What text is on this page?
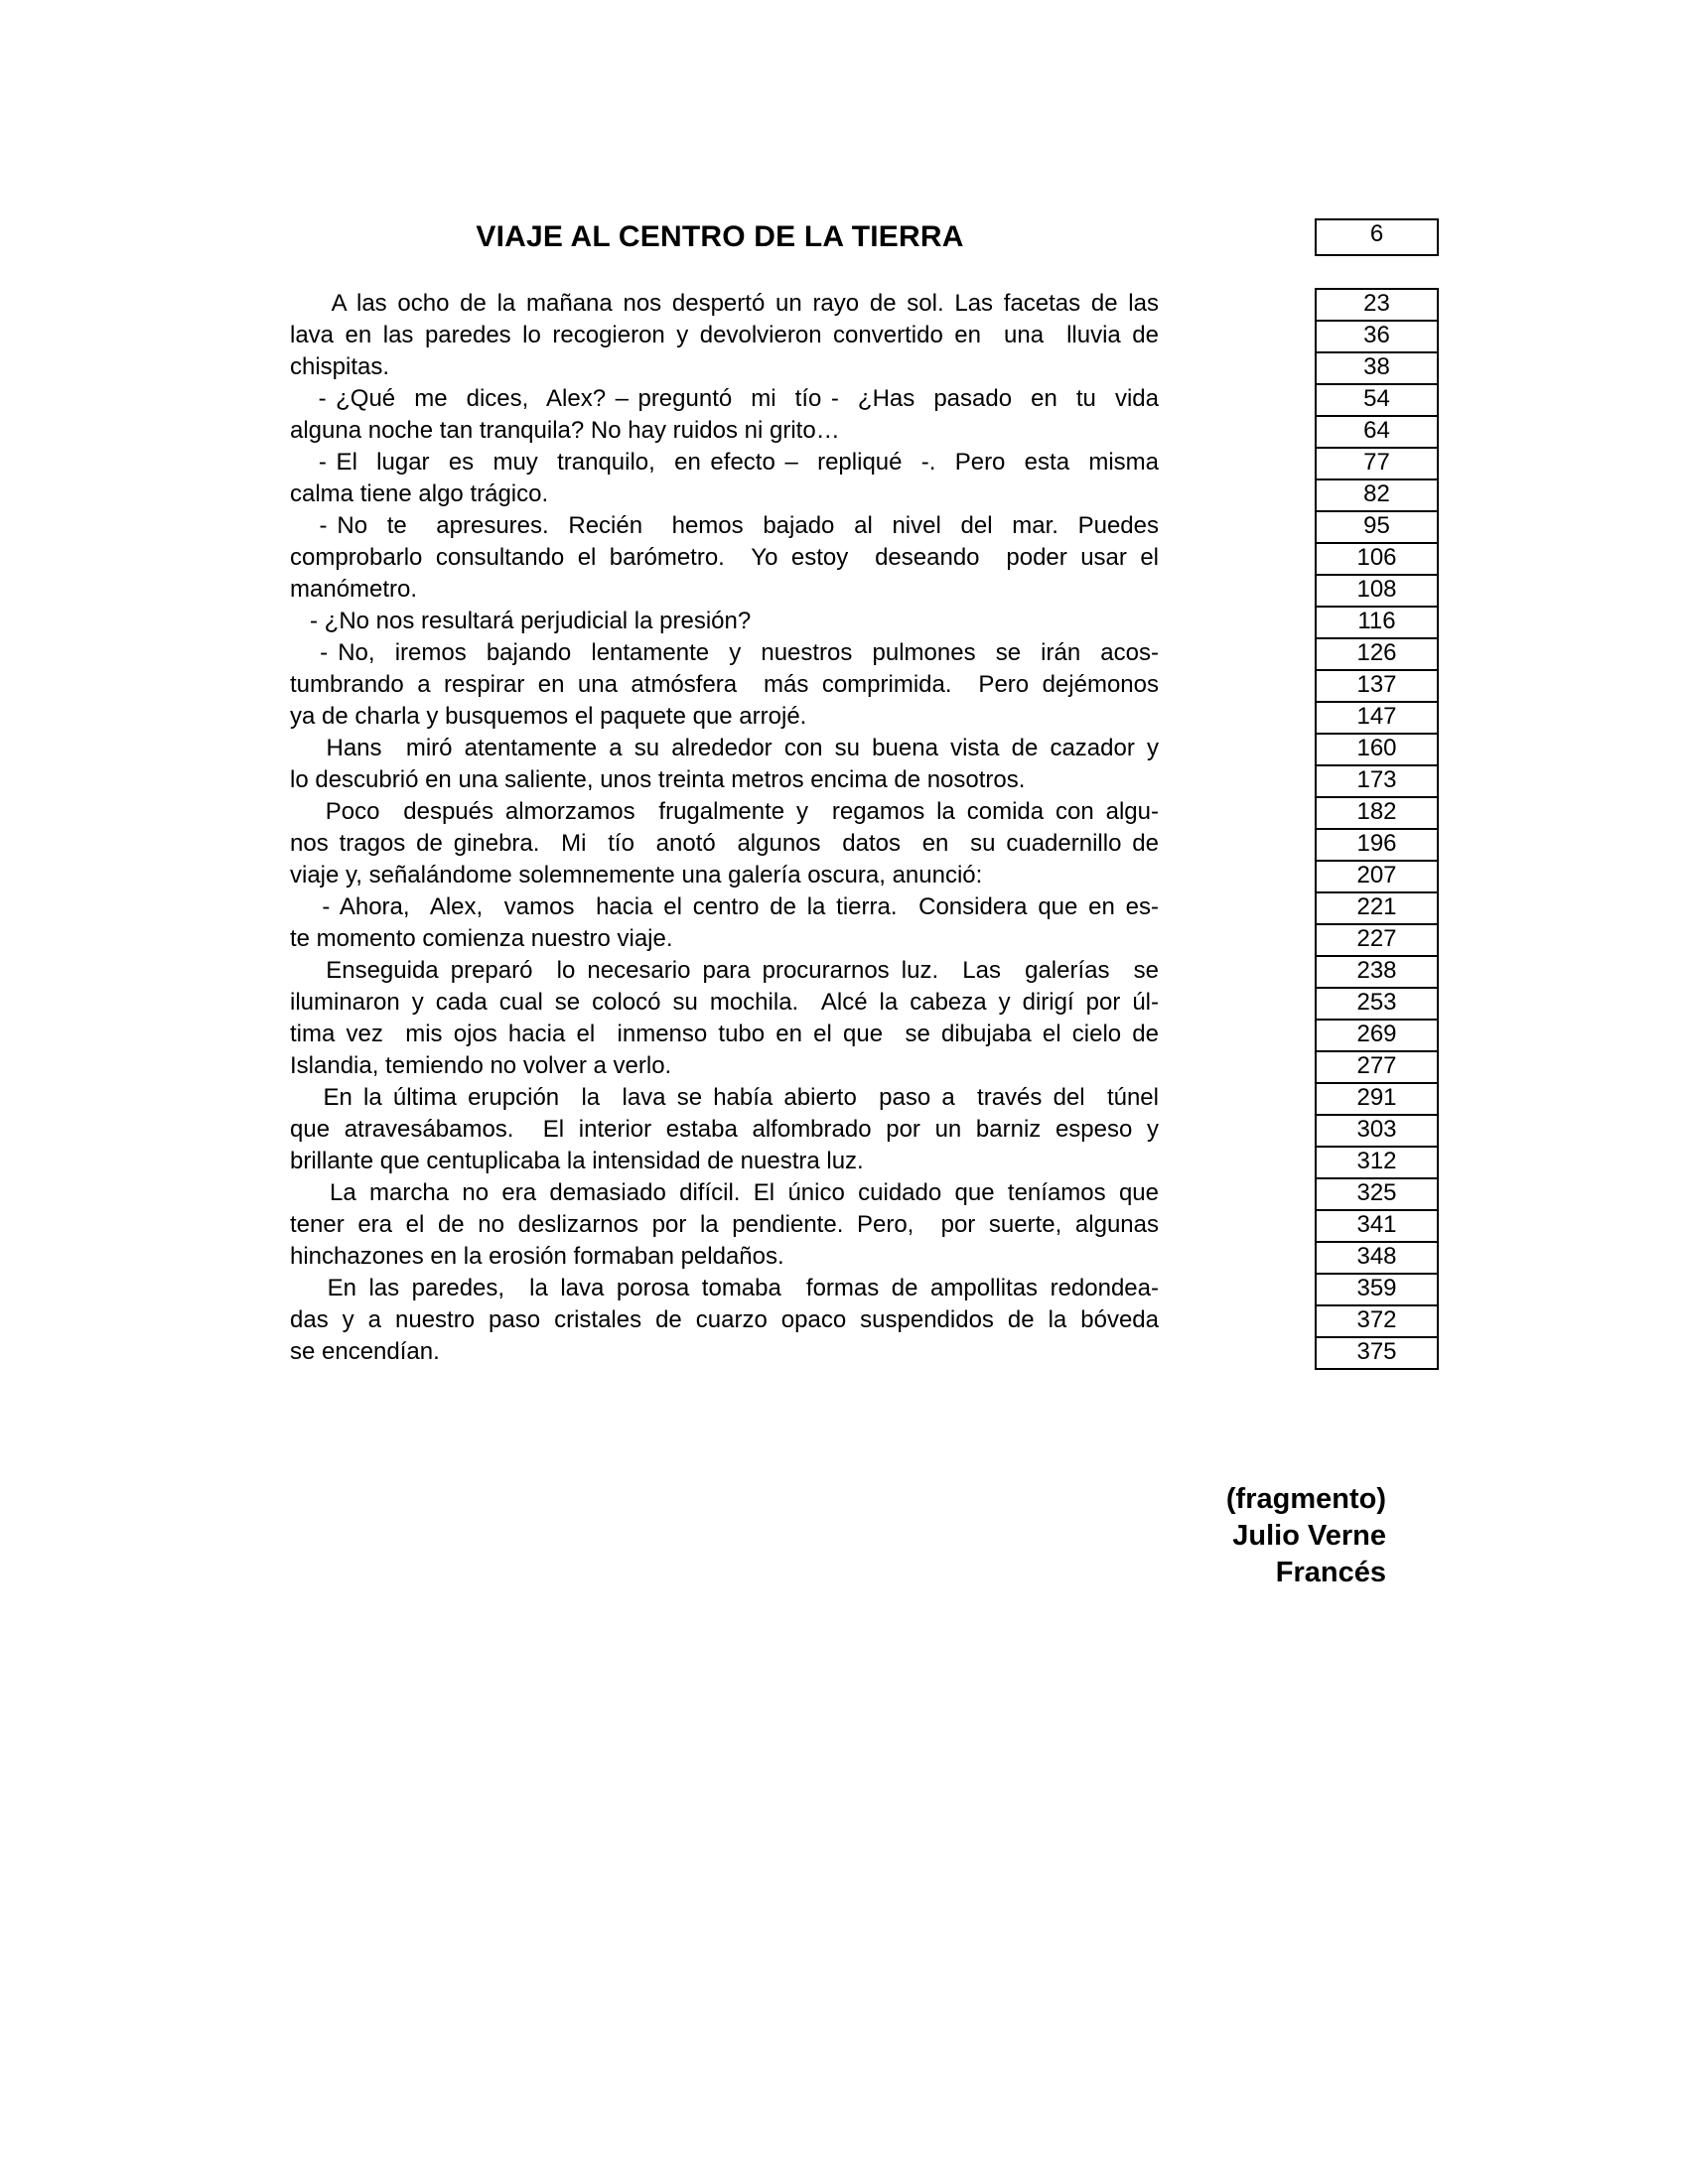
VIAJE AL CENTRO DE LA TIERRA	6
A las ocho de la mañana nos despertó un rayo de sol. Las facetas de las
lava en las paredes lo recogieron y devolvieron convertido en  una  lluvia de
chispitas.
- ¿Qué  me  dices,  Alex? – preguntó  mi  tío -  ¿Has  pasado  en  tu  vida
alguna noche tan tranquila? No hay ruidos ni grito…
- El  lugar  es  muy  tranquilo,  en efecto –  repliqué  -.  Pero  esta  misma
calma tiene algo trágico.
- No  te   apresures.  Recién   hemos  bajado  al  nivel  del  mar.  Puedes
comprobarlo consultando el barómetro.  Yo estoy  deseando  poder usar el
manómetro.
- ¿No nos resultará perjudicial la presión?
- No,  iremos  bajando  lentamente  y  nuestros  pulmones  se  irán  acos-
tumbrando a respirar en una atmósfera  más comprimida.  Pero dejémonos
ya de charla y busquemos el paquete que arrojé.
Hans  miró atentamente a su alrededor con su buena vista de cazador y
lo descubrió en una saliente, unos treinta metros encima de nosotros.
Poco  después almorzamos  frugalmente y  regamos la comida con algu-
nos tragos de ginebra.  Mi  tío  anotó  algunos  datos  en  su cuadernillo de
viaje y, señalándome solemnemente una galería oscura, anunció:
- Ahora,  Alex,  vamos  hacia el centro de la tierra.  Considera que en es-
te momento comienza nuestro viaje.
Enseguida preparó  lo necesario para procurarnos luz.  Las  galerías  se
iluminaron y cada cual se colocó su mochila.  Alcé la cabeza y dirigí por úl-
tima vez  mis ojos hacia el  inmenso tubo en el que  se dibujaba el cielo de
Islandia, temiendo no volver a verlo.
En la última erupción  la  lava se había abierto  paso a  través del  túnel
que atravesábamos.  El interior estaba alfombrado por un barniz espeso y
brillante que centuplicaba la intensidad de nuestra luz.
La marcha no era demasiado difícil. El único cuidado que teníamos que
tener era el de no deslizarnos por la pendiente. Pero,  por suerte, algunas
hinchazones en la erosión formaban peldaños.
En las paredes,  la lava porosa tomaba  formas de ampollitas redondea-
das y a nuestro paso cristales de cuarzo opaco suspendidos de la bóveda
se encendían.
23
36
38
54
64
77
82
95
106
108
116
126
137
147
160
173
182
196
207
221
227
238
253
269
277
291
303
312
325
341
348
359
372
375
(fragmento)
Julio Verne
Francés
